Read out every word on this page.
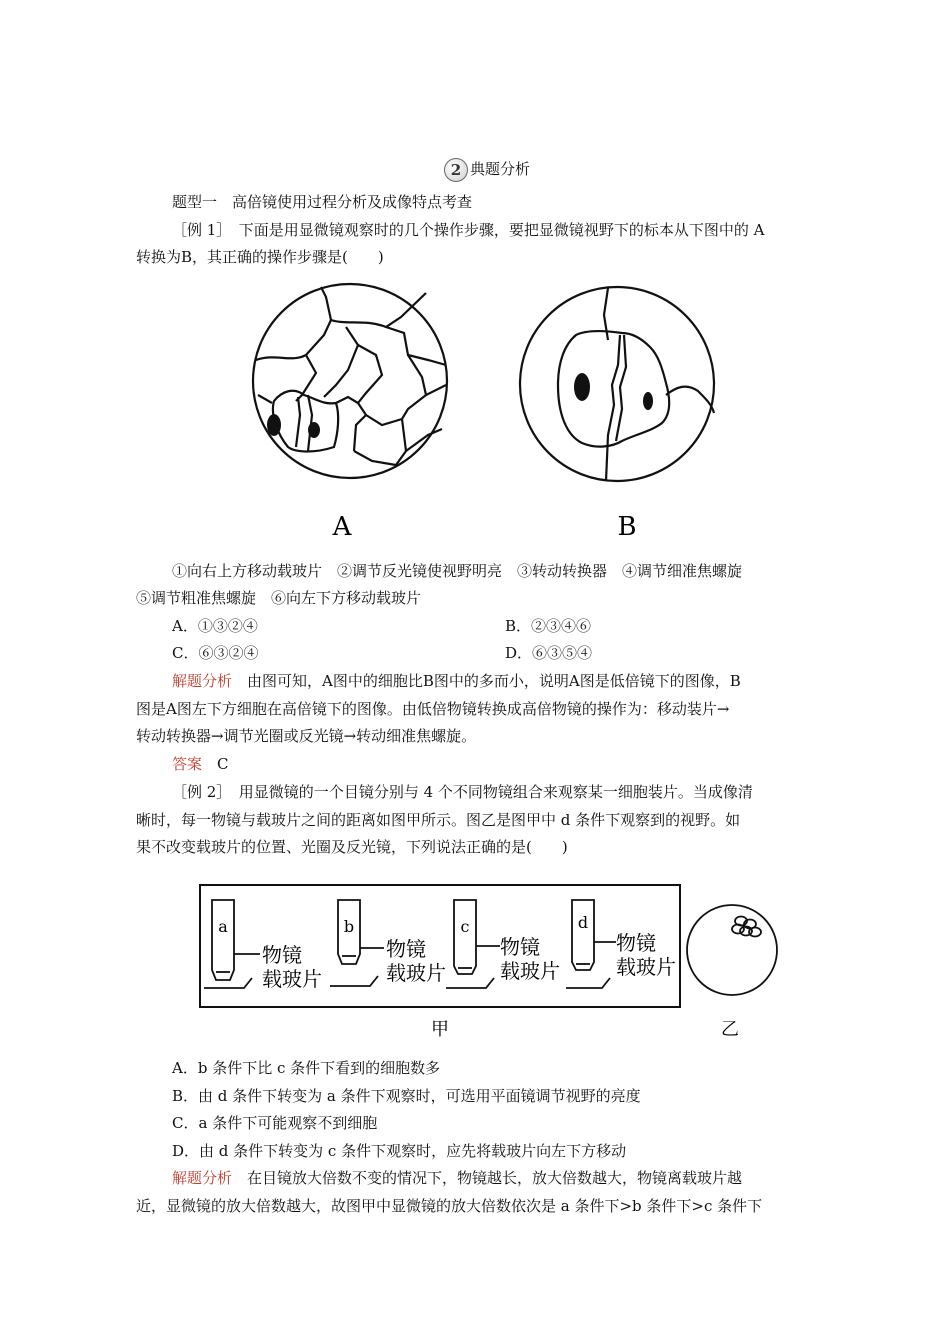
2 典题分析
题型一　高倍镜使用过程分析及成像特点考查
［例 1］　下面是用显微镜观察时的几个操作步骤，要把显微镜视野下的标本从下图中的 A
转换为B，其正确的操作步骤是(　　)
A	B
①向右上方移动载玻片　②调节反光镜使视野明亮　③转动转换器　④调节细准焦螺旋
⑤调节粗准焦螺旋　⑥向左下方移动载玻片
A．①③②④	B．②③④⑥
C．⑥③②④	D．⑥③⑤④
解题分析　由图可知，A图中的细胞比B图中的多而小，说明A图是低倍镜下的图像，B
图是A图左下方细胞在高倍镜下的图像。由低倍物镜转换成高倍物镜的操作为：移动装片→
转动转换器→调节光圈或反光镜→转动细准焦螺旋。
答案　 C
［例 2］　用显微镜的一个目镜分别与 4 个不同物镜组合来观察某一细胞装片。当成像清
晰时，每一物镜与载玻片之间的距离如图甲所示。图乙是图甲中 d 条件下观察到的视野。如
果不改变载玻片的位置、光圈及反光镜，下列说法正确的是(　　)
a
物镜
载玻片
b
物镜
载玻片
c
物镜
载玻片
d
物镜
载玻片
甲	乙
A．b 条件下比 c 条件下看到的细胞数多
B．由 d 条件下转变为 a 条件下观察时，可选用平面镜调节视野的亮度
C．a 条件下可能观察不到细胞
D．由 d 条件下转变为 c 条件下观察时，应先将载玻片向左下方移动
解题分析　在目镜放大倍数不变的情况下，物镜越长，放大倍数越大，物镜离载玻片越
近，显微镜的放大倍数越大，故图甲中显微镜的放大倍数依次是 a 条件下>b 条件下>c 条件下
